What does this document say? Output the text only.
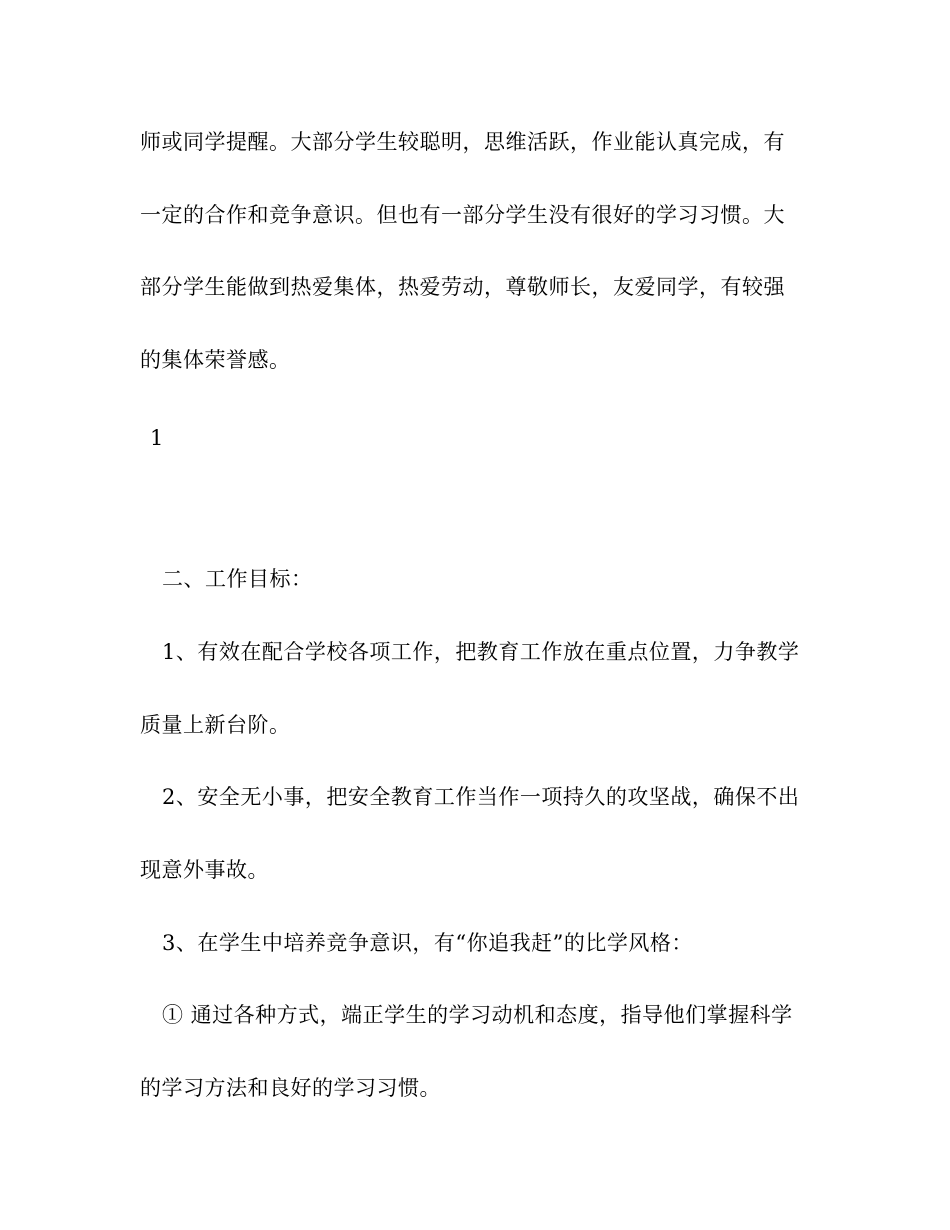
师或同学提醒。大部分学生较聪明，思维活跃，作业能认真完成，有
一定的合作和竞争意识。但也有一部分学生没有很好的学习习惯。大
部分学生能做到热爱集体，热爱劳动，尊敬师长，友爱同学，有较强
的集体荣誉感。
1
二、工作目标：
1、有效在配合学校各项工作，把教育工作放在重点位置，力争教学
质量上新台阶。
2、安全无小事，把安全教育工作当作一项持久的攻坚战，确保不出
现意外事故。
3、在学生中培养竞争意识，有“你追我赶”的比学风格：
① 通过各种方式，端正学生的学习动机和态度，指导他们掌握科学
的学习方法和良好的学习习惯。
